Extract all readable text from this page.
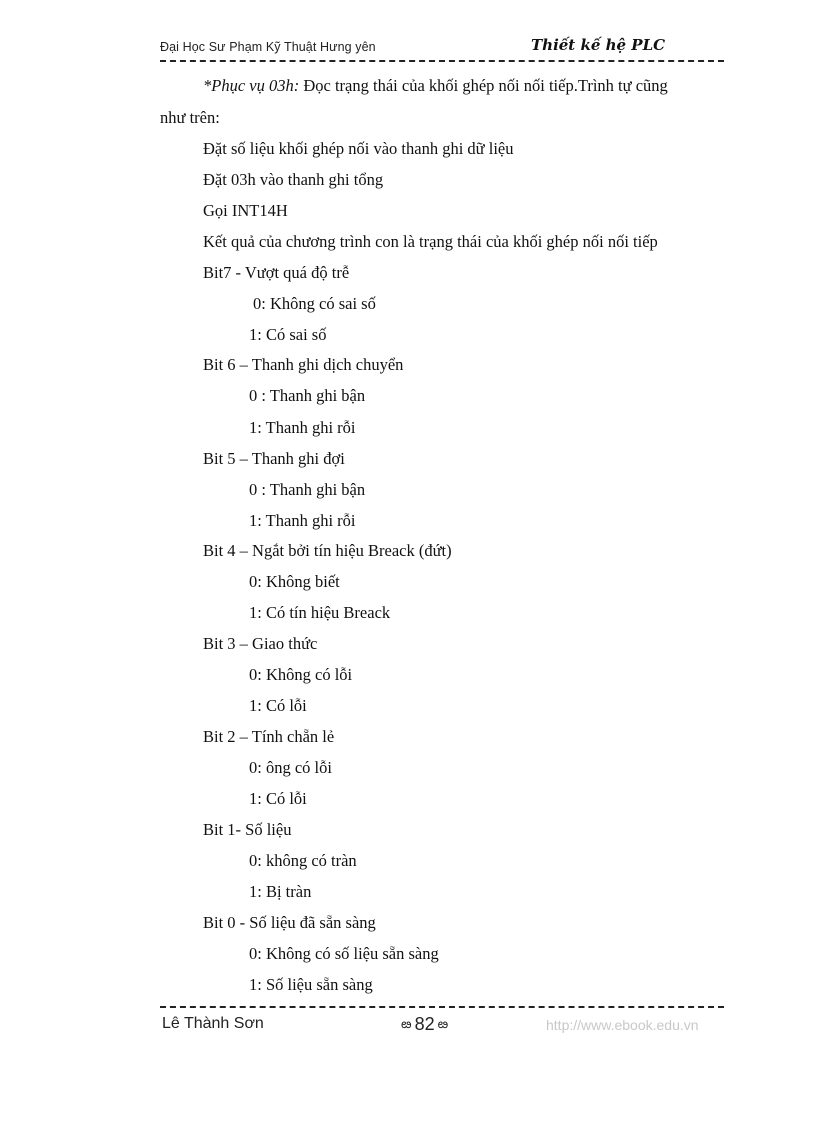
Đại Học Sư Phạm Kỹ Thuật Hưng yên	Thiết kế hệ PLC
*Phục vụ 03h: Đọc trạng thái của khối ghép nối nối tiếp.Trình tự cũng
như trên:
Đặt số liệu khối ghép nối vào thanh ghi dữ liệu
Đặt 03h vào thanh ghi tổng
Gọi INT14H
Kết quả của chương trình con là trạng thái của khối ghép nối nối tiếp
Bit7 - Vượt quá độ trễ
0: Không có sai số
1: Có sai số
Bit 6 – Thanh ghi dịch chuyển
0 : Thanh ghi bận
1: Thanh ghi rỗi
Bit 5 – Thanh ghi đợi
0 : Thanh ghi bận
1: Thanh ghi rỗi
Bit 4 – Ngắt bởi tín hiệu Breack (đứt)
0: Không biết
1: Có tín hiệu Breack
Bit 3 – Giao thức
0: Không có lỗi
1: Có lỗi
Bit 2 – Tính chẵn lẻ
0: ông có lỗi
1: Có lỗi
Bit 1- Số liệu
0: không có tràn
1: Bị tràn
Bit 0 - Số liệu đã sẵn sàng
0: Không có số liệu sẵn sàng
1: Số liệu sẵn sàng
Lê Thành Sơn	ఴ 82 ఴ	http://www.ebook.edu.vn
